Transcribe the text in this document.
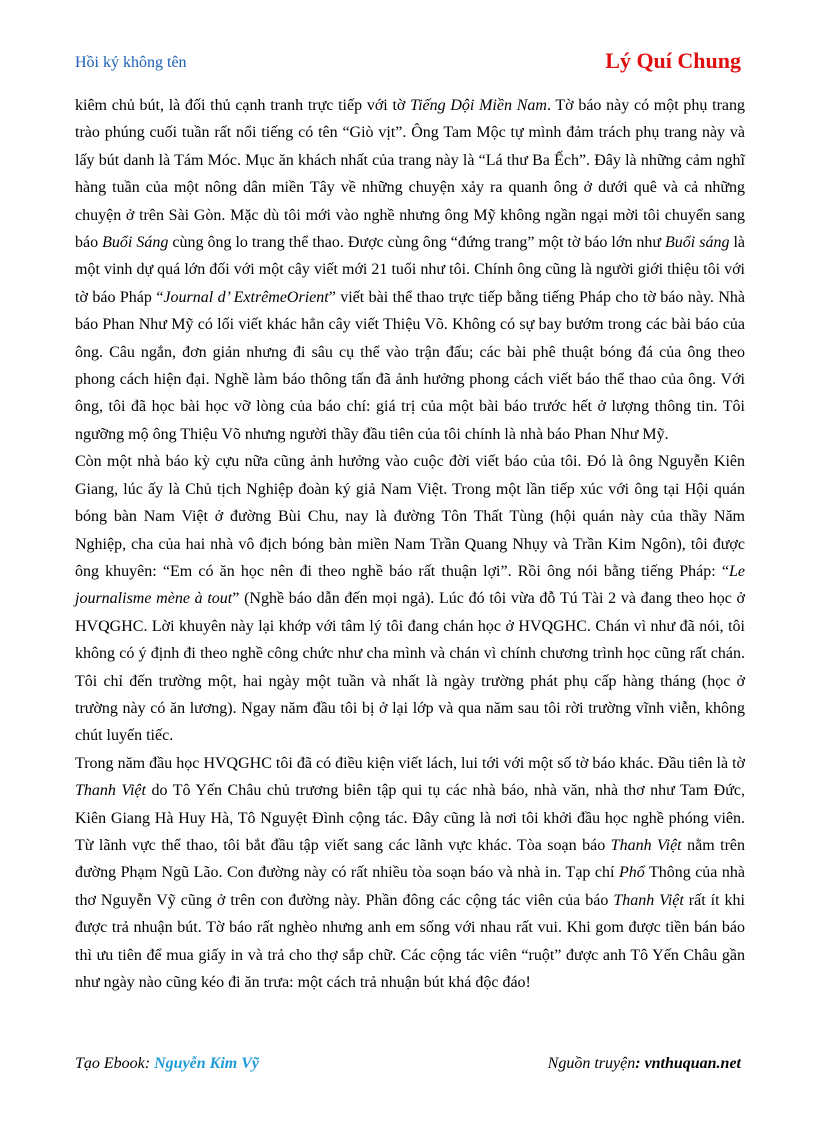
Hồi ký không tên	Lý Quí Chung

kiêm chủ bút, là đối thủ cạnh tranh trực tiếp với tờ Tiếng Dội Miền Nam. Tờ báo này có một phụ trang trào phúng cuối tuần rất nổi tiếng có tên “Giò vịt”. Ông Tam Mộc tự mình đảm trách phụ trang này và lấy bút danh là Tám Móc. Mục ăn khách nhất của trang này là “Lá thư Ba Ếch”. Đây là những cảm nghĩ hàng tuần của một nông dân miền Tây về những chuyện xảy ra quanh ông ở dưới quê và cả những chuyện ở trên Sài Gòn. Mặc dù tôi mới vào nghề nhưng ông Mỹ không ngần ngại mời tôi chuyển sang báo Buổi Sáng cùng ông lo trang thể thao. Được cùng ông “đứng trang” một tờ báo lớn như Buổi sáng là một vinh dự quá lớn đối với một cây viết mới 21 tuổi như tôi. Chính ông cũng là người giới thiệu tôi với tờ báo Pháp “Journal d’ ExtrêmeOrient” viết bài thể thao trực tiếp bằng tiếng Pháp cho tờ báo này. Nhà báo Phan Như Mỹ có lối viết khác hẳn cây viết Thiệu Võ. Không có sự bay bướm trong các bài báo của ông. Câu ngắn, đơn giản nhưng đi sâu cụ thể vào trận đấu; các bài phê thuật bóng đá của ông theo phong cách hiện đại. Nghề làm báo thông tấn đã ảnh hưởng phong cách viết báo thể thao của ông. Với ông, tôi đã học bài học vỡ lòng của báo chí: giá trị của một bài báo trước hết ở lượng thông tin. Tôi ngưỡng mộ ông Thiệu Võ nhưng người thầy đầu tiên của tôi chính là nhà báo Phan Như Mỹ.

Còn một nhà báo kỳ cựu nữa cũng ảnh hưởng vào cuộc đời viết báo của tôi. Đó là ông Nguyễn Kiên Giang, lúc ấy là Chủ tịch Nghiệp đoàn ký giả Nam Việt. Trong một lần tiếp xúc với ông tại Hội quán bóng bàn Nam Việt ở đường Bùi Chu, nay là đường Tôn Thất Tùng (hội quán này của thầy Năm Nghiệp, cha của hai nhà vô địch bóng bàn miền Nam Trần Quang Nhụy và Trần Kim Ngôn), tôi được ông khuyên: “Em có ăn học nên đi theo nghề báo rất thuận lợi”. Rồi ông nói bằng tiếng Pháp: “Le journalisme mène à tout” (Nghề báo dẫn đến mọi ngả). Lúc đó tôi vừa đỗ Tú Tài 2 và đang theo học ở HVQGHC. Lời khuyên này lại khớp với tâm lý tôi đang chán học ở HVQGHC. Chán vì như đã nói, tôi không có ý định đi theo nghề công chức như cha mình và chán vì chính chương trình học cũng rất chán. Tôi chỉ đến trường một, hai ngày một tuần và nhất là ngày trường phát phụ cấp hàng tháng (học ở trường này có ăn lương). Ngay năm đầu tôi bị ở lại lớp và qua năm sau tôi rời trường vĩnh viễn, không chút luyến tiếc.

Trong năm đầu học HVQGHC tôi đã có điều kiện viết lách, lui tới với một số tờ báo khác. Đầu tiên là tờ Thanh Việt do Tô Yến Châu chủ trương biên tập qui tụ các nhà báo, nhà văn, nhà thơ như Tam Đức, Kiên Giang Hà Huy Hà, Tô Nguyệt Đình cộng tác. Đây cũng là nơi tôi khởi đầu học nghề phóng viên. Từ lãnh vực thể thao, tôi bắt đầu tập viết sang các lãnh vực khác. Tòa soạn báo Thanh Việt nằm trên đường Phạm Ngũ Lão. Con đường này có rất nhiều tòa soạn báo và nhà in. Tạp chí Phổ Thông của nhà thơ Nguyễn Vỹ cũng ở trên con đường này. Phần đông các cộng tác viên của báo Thanh Việt rất ít khi được trả nhuận bút. Tờ báo rất nghèo nhưng anh em sống với nhau rất vui. Khi gom được tiền bán báo thì ưu tiên để mua giấy in và trả cho thợ sắp chữ. Các cộng tác viên “ruột” được anh Tô Yến Châu gần như ngày nào cũng kéo đi ăn trưa: một cách trả nhuận bút khá độc đáo!

Tạo Ebook: Nguyễn Kim Vỹ	Nguồn truyện: vnthuquan.net
